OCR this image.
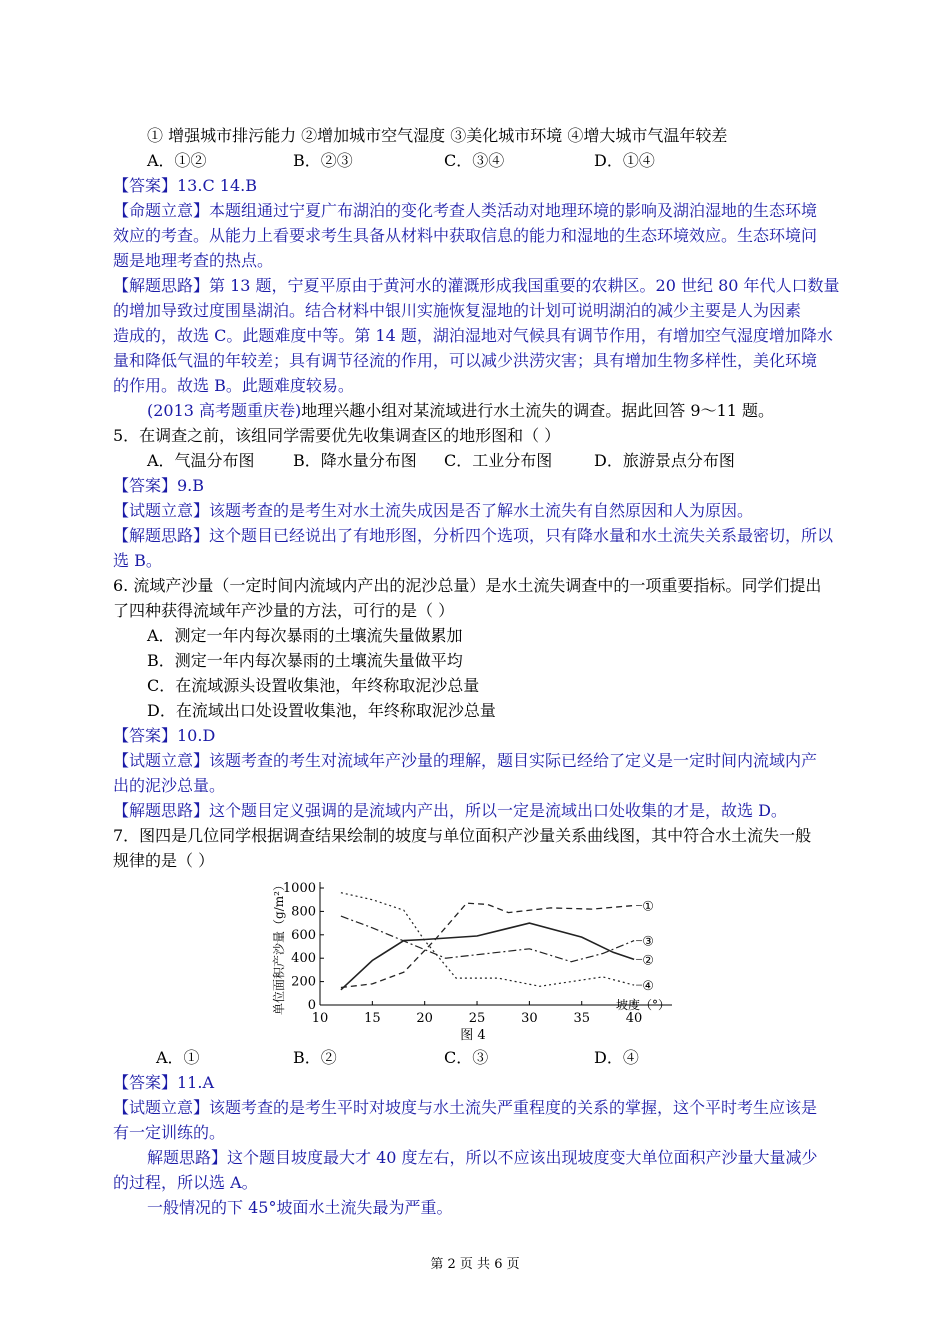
① 增强城市排污能力 ②增加城市空气湿度 ③美化城市环境 ④增大城市气温年较差
A．①②	B．②③	C．③④	D．①④
【答案】13.C 14.B
【命题立意】本题组通过宁夏广布湖泊的变化考查人类活动对地理环境的影响及湖泊湿地的生态环境
效应的考查。从能力上看要求考生具备从材料中获取信息的能力和湿地的生态环境效应。生态环境问
题是地理考查的热点。
【解题思路】第 13 题，宁夏平原由于黄河水的灌溉形成我国重要的农耕区。20 世纪 80 年代人口数量
的增加导致过度围垦湖泊。结合材料中银川实施恢复湿地的计划可说明湖泊的减少主要是人为因素
造成的，故选 C。此题难度中等。第 14 题，湖泊湿地对气候具有调节作用，有增加空气湿度增加降水
量和降低气温的年较差；具有调节径流的作用，可以减少洪涝灾害；具有增加生物多样性，美化环境
的作用。故选 B。此题难度较易。
(2013 高考题重庆卷)地理兴趣小组对某流域进行水土流失的调查。据此回答 9～11 题。
5．在调查之前，该组同学需要优先收集调查区的地形图和（ ）
A．气温分布图 B．降水量分布图 C．工业分布图	D．旅游景点分布图
【答案】9.B
【试题立意】该题考查的是考生对水土流失成因是否了解水土流失有自然原因和人为原因。
【解题思路】这个题目已经说出了有地形图，分析四个选项，只有降水量和水土流失关系最密切，所以
选 B。
6. 流域产沙量（一定时间内流域内产出的泥沙总量）是水土流失调查中的一项重要指标。同学们提出
了四种获得流域年产沙量的方法，可行的是（ ）
A．测定一年内每次暴雨的土壤流失量做累加
B．测定一年内每次暴雨的土壤流失量做平均
C．在流域源头设置收集池，年终称取泥沙总量
D．在流域出口处设置收集池，年终称取泥沙总量
【答案】10.D
【试题立意】该题考查的考生对流域年产沙量的理解，题目实际已经给了定义是一定时间内流域内产
出的泥沙总量。
【解题思路】这个题目定义强调的是流域内产出，所以一定是流域出口处收集的才是，故选 D。
7．图四是几位同学根据调查结果绘制的坡度与单位面积产沙量关系曲线图，其中符合水土流失一般
规律的是（ ）
0
200
400
600
800
1000
10	15	20	25	30	35	40
坡度（°）
单位面积产沙量（g/m²）
图 4
①
②
③
④
A．①	B．②	C．③	D．④
【答案】11.A
【试题立意】该题考查的是考生平时对坡度与水土流失严重程度的关系的掌握，这个平时考生应该是
有一定训练的。
解题思路】这个题目坡度最大才 40 度左右，所以不应该出现坡度变大单位面积产沙量大量减少
的过程，所以选 A。
一般情况的下 45°坡面水土流失最为严重。
第 2 页 共 6 页
